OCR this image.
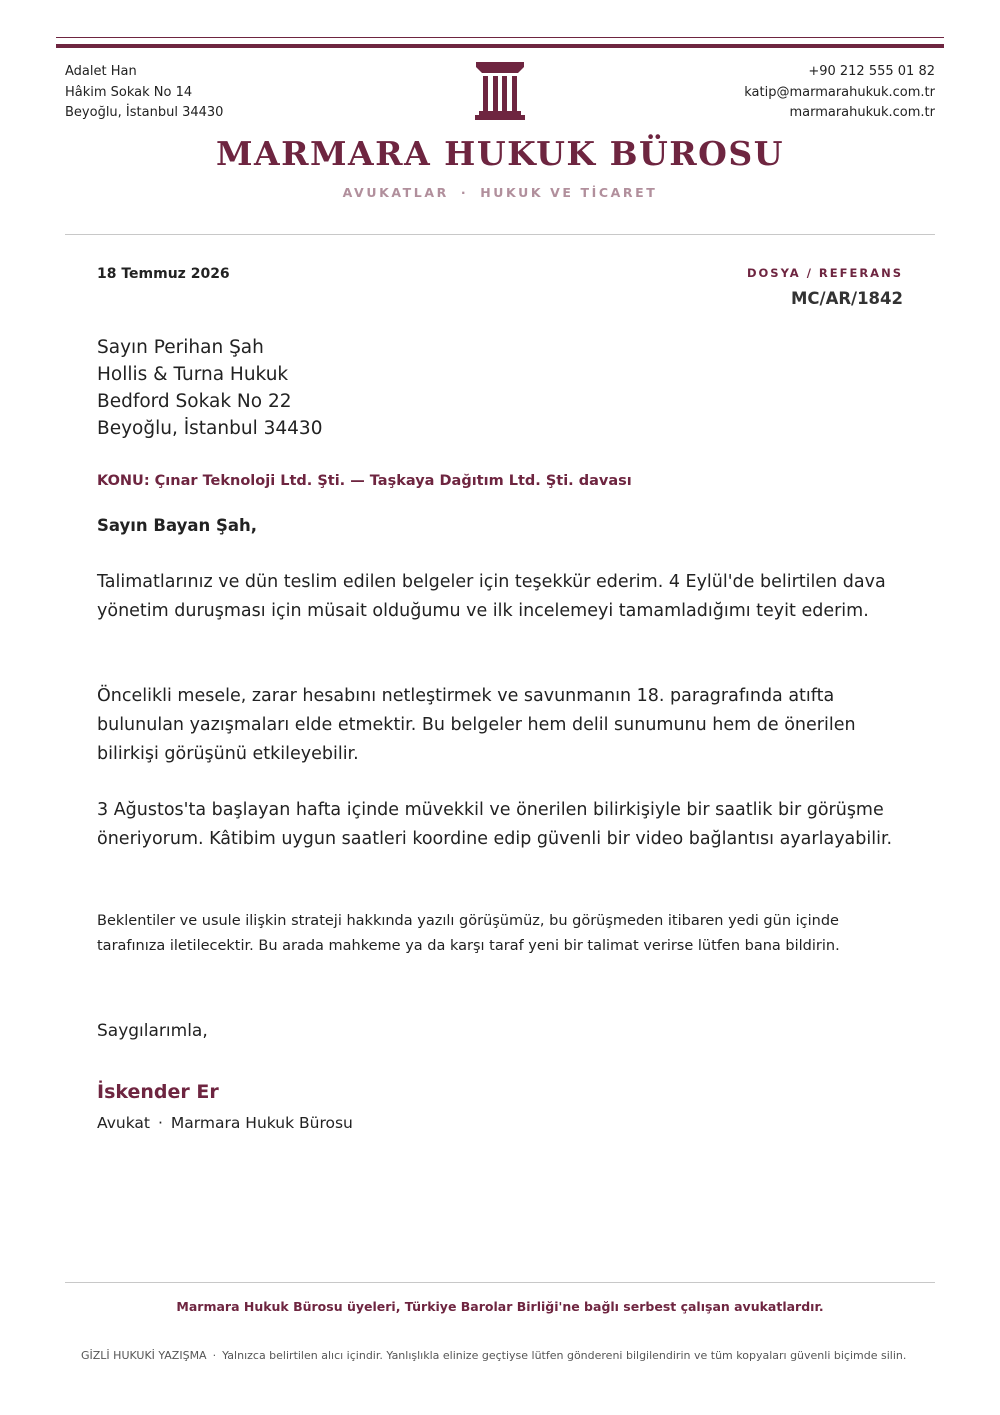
Adalet Han
Hâkim Sokak No 14
Beyoğlu, İstanbul 34430
+90 212 555 01 82
katip@marmarahukuk.com.tr
marmarahukuk.com.tr
MARMARA HUKUK BÜROSU
AVUKATLAR · HUKUK VE TİCARET
18 Temmuz 2026	DOSYA / REFERANS
MC/AR/1842
Sayın Perihan Şah
Hollis & Turna Hukuk
Bedford Sokak No 22
Beyoğlu, İstanbul 34430
KONU: Çınar Teknoloji Ltd. Şti. — Taşkaya Dağıtım Ltd. Şti. davası
Sayın Bayan Şah,
Talimatlarınız ve dün teslim edilen belgeler için teşekkür ederim. 4 Eylül'de belirtilen dava yönetim duruşması için müsait olduğumu ve ilk incelemeyi tamamladığımı teyit ederim.
Öncelikli mesele, zarar hesabını netleştirmek ve savunmanın 18. paragrafında atıfta bulunulan yazışmaları elde etmektir. Bu belgeler hem delil sunumunu hem de önerilen bilirkişi görüşünü etkileyebilir.
3 Ağustos'ta başlayan hafta içinde müvekkil ve önerilen bilirkişiyle bir saatlik bir görüşme öneriyorum. Kâtibim uygun saatleri koordine edip güvenli bir video bağlantısı ayarlayabilir.
Beklentiler ve usule ilişkin strateji hakkında yazılı görüşümüz, bu görüşmeden itibaren yedi gün içinde tarafınıza iletilecektir. Bu arada mahkeme ya da karşı taraf yeni bir talimat verirse lütfen bana bildirin.
Saygılarımla,
İskender Er
Avukat · Marmara Hukuk Bürosu
Marmara Hukuk Bürosu üyeleri, Türkiye Barolar Birliği'ne bağlı serbest çalışan avukatlardır.
GİZLİ HUKUKİ YAZIŞMA · Yalnızca belirtilen alıcı içindir. Yanlışlıkla elinize geçtiyse lütfen göndereni bilgilendirin ve tüm kopyaları güvenli biçimde silin.
